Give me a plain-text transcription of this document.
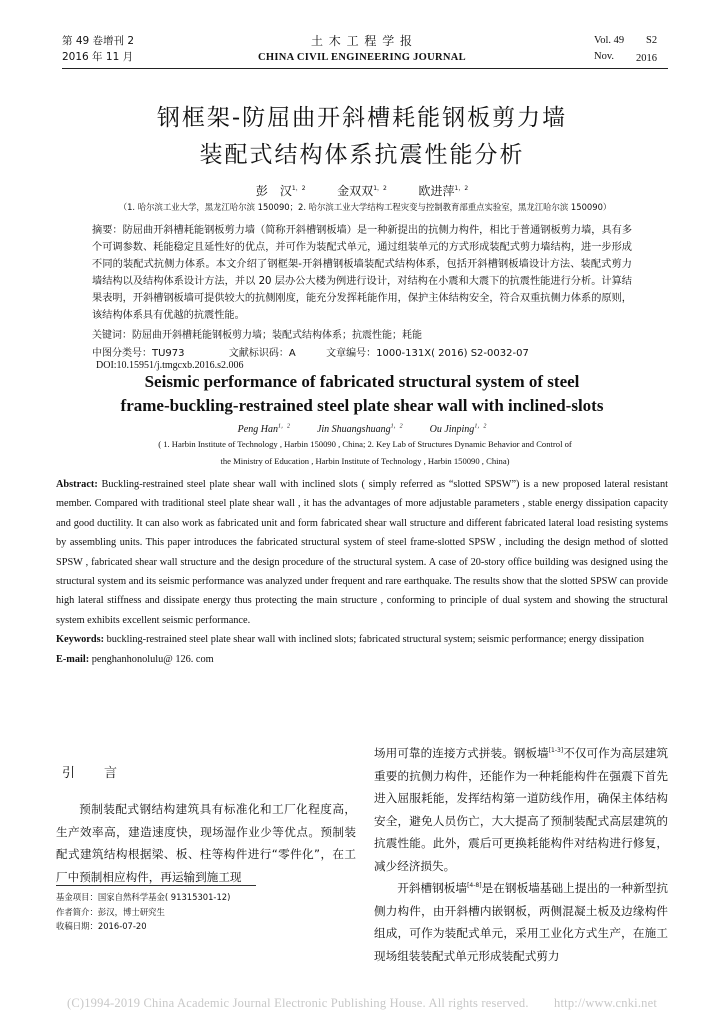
第 49 卷增刊 2
2016 年 11 月
土 木 工 程 学 报
CHINA CIVIL ENGINEERING JOURNAL
Vol. 49 S2
Nov. 2016
钢框架-防屈曲开斜槽耗能钢板剪力墙
装配式结构体系抗震性能分析
彭　汉$^{1,2}$	金双双$^{1,2}$	欧进萍$^{1,2}$
（1. 哈尔滨工业大学，黑龙江哈尔滨 150090；2. 哈尔滨工业大学结构工程灾变与控制教育部重点实验室，黑龙江哈尔滨 150090）

摘要：防屈曲开斜槽耗能钢板剪力墙（简称开斜槽钢板墙）是一种新提出的抗侧力构件，相比于普通钢板剪力墙，具有多个可调参数、耗能稳定且延性好的优点，并可作为装配式单元，通过组装单元的方式形成装配式剪力墙结构，进一步形成不同的装配式抗侧力体系。本文介绍了钢框架-开斜槽钢板墙装配式结构体系，包括开斜槽钢板墙设计方法、装配式剪力墙结构以及结构体系设计方法，并以 20 层办公大楼为例进行设计，对结构在小震和大震下的抗震性能进行分析。计算结果表明，开斜槽钢板墙可提供较大的抗侧刚度，能充分发挥耗能作用，保护主体结构安全，符合双重抗侧力体系的原则，该结构体系具有优越的抗震性能。

关键词：防屈曲开斜槽耗能钢板剪力墙；装配式结构体系；抗震性能；耗能
中图分类号：TU973	文献标识码：A	文章编号：1000-131X( 2016) S2-0032-07
DOI:10.15951/j.tmgcxb.2016.s2.006
Seismic performance of fabricated structural system of steel
frame-buckling-restrained steel plate shear wall with inclined-slots
Peng Han$^{1,2}$	Jin Shuangshuang$^{1,2}$	Ou Jinping$^{1,2}$
( 1. Harbin Institute of Technology , Harbin 150090 , China; 2. Key Lab of Structures Dynamic Behavior and Control of
the Ministry of Education , Harbin Institute of Technology , Harbin 150090 , China)

Abstract: Buckling-restrained steel plate shear wall with inclined slots ( simply referred as “slotted SPSW”) is a new proposed lateral resistant member. Compared with traditional steel plate shear wall , it has the advantages of more adjustable parameters , stable energy dissipation capacity and good ductility. It can also work as fabricated unit and form fabricated shear wall structure and different fabricated lateral load resisting systems by assembling units. This paper introduces the fabricated structural system of steel frame-slotted SPSW , including the design method of slotted SPSW , fabricated shear wall structure and the design procedure of the structural system. A case of 20-story office building was designed using the structural system and its seismic performance was analyzed under frequent and rare earthquake. The results show that the slotted SPSW can provide high lateral stiffness and dissipate energy thus protecting the main structure , conforming to principle of dual system and showing the structural system exhibits excellent seismic performance.

Keywords: buckling-restrained steel plate shear wall with inclined slots; fabricated structural system; seismic performance; energy dissipation

E-mail: penghanhonolulu@ 126. com

引　　言

预制装配式钢结构建筑具有标准化和工厂化程度高，生产效率高，建造速度快，现场湿作业少等优点。预制装配式建筑结构根据梁、板、柱等构件进行“零件化”，在工厂中预制相应构件，再运输到施工现

基金项目：国家自然科学基金( 91315301-12)

作者简介：彭汉，博士研究生

收稿日期：2016-07-20

场用可靠的连接方式拼装。钢板墙[1-3]不仅可作为高层建筑重要的抗侧力构件，还能作为一种耗能构件在强震下首先进入屈服耗能，发挥结构第一道防线作用，确保主体结构安全，避免人员伤亡，大大提高了预制装配式高层建筑的抗震性能。此外，震后可更换耗能构件对结构进行修复，减少经济损失。

开斜槽钢板墙[4-8]是在钢板墙基础上提出的一种新型抗侧力构件，由开斜槽内嵌钢板，两侧混凝土板及边缘构件组成，可作为装配式单元，采用工业化方式生产，在施工现场组装装配式单元形成装配式剪力

(C)1994-2019 China Academic Journal Electronic Publishing House. All rights reserved.　　http://www.cnki.net
